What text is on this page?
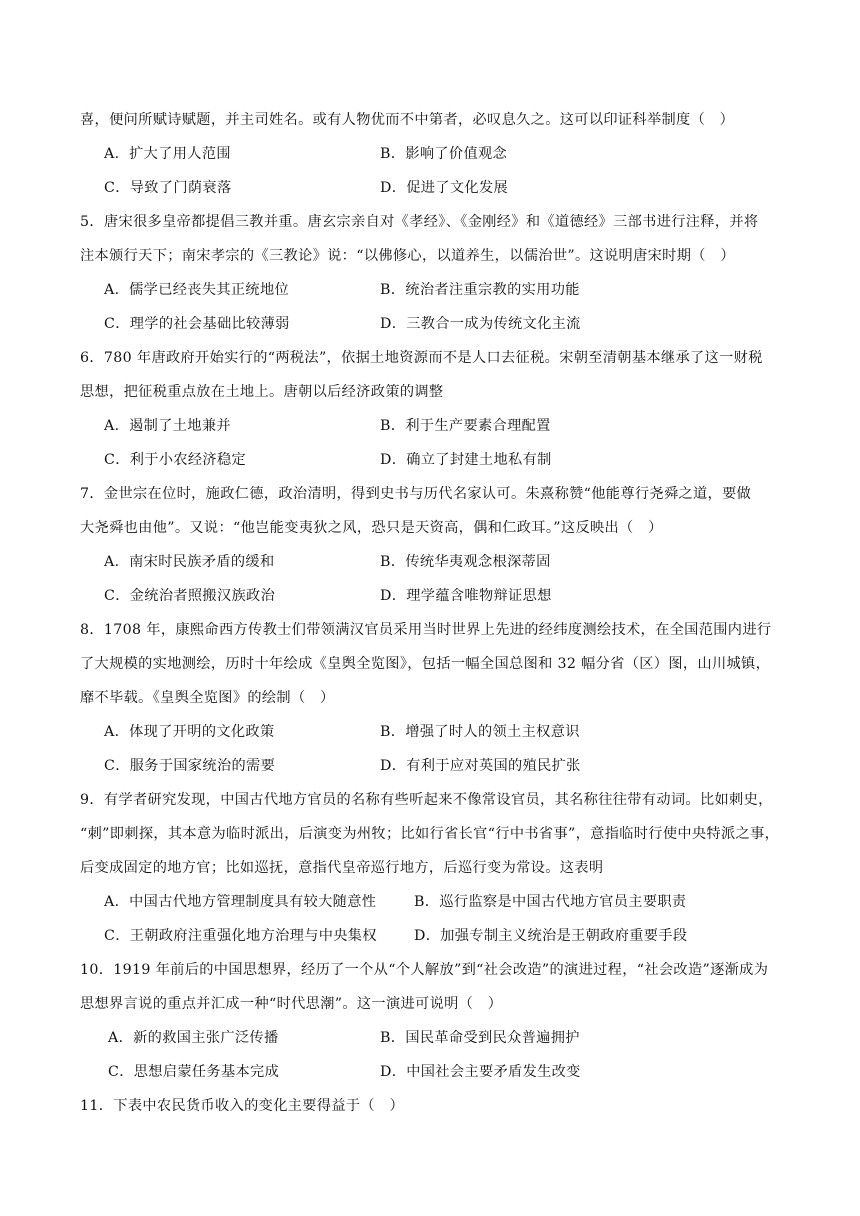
喜，便问所赋诗赋题，并主司姓名。或有人物优而不中第者，必叹息久之。这可以印证科举制度（　）
A．扩大了用人范围	B．影响了价值观念
C．导致了门荫衰落	D．促进了文化发展
5．唐宋很多皇帝都提倡三教并重。唐玄宗亲自对《孝经》、《金刚经》和《道德经》三部书进行注释，并将
注本颁行天下；南宋孝宗的《三教论》说：“以佛修心，以道养生，以儒治世”。这说明唐宋时期（　）
A．儒学已经丧失其正统地位	B．统治者注重宗教的实用功能
C．理学的社会基础比较薄弱	D．三教合一成为传统文化主流
6．780 年唐政府开始实行的“两税法”，依据土地资源而不是人口去征税。宋朝至清朝基本继承了这一财税
思想，把征税重点放在土地上。唐朝以后经济政策的调整
A．遏制了土地兼并	B．利于生产要素合理配置
C．利于小农经济稳定	D．确立了封建土地私有制
7．金世宗在位时，施政仁德，政治清明，得到史书与历代名家认可。朱熹称赞“他能尊行尧舜之道，要做
大尧舜也由他”。又说：“他岂能变夷狄之风，恐只是天资高，偶和仁政耳。”这反映出（　）
A．南宋时民族矛盾的缓和	B．传统华夷观念根深蒂固
C．金统治者照搬汉族政治	D．理学蕴含唯物辩证思想
8．1708 年，康熙命西方传教士们带领满汉官员采用当时世界上先进的经纬度测绘技术，在全国范围内进行
了大规模的实地测绘，历时十年绘成《皇舆全览图》，包括一幅全国总图和 32 幅分省（区）图，山川城镇，
靡不毕载。《皇舆全览图》的绘制（　）
A．体现了开明的文化政策	B．增强了时人的领土主权意识
C．服务于国家统治的需要	D．有利于应对英国的殖民扩张
9．有学者研究发现，中国古代地方官员的名称有些听起来不像常设官员，其名称往往带有动词。比如刺史，
“刺”即刺探，其本意为临时派出，后演变为州牧；比如行省长官“行中书省事”，意指临时行使中央特派之事，
后变成固定的地方官；比如巡抚，意指代皇帝巡行地方，后巡行变为常设。这表明
A．中国古代地方管理制度具有较大随意性	B．巡行监察是中国古代地方官员主要职责
C．王朝政府注重强化地方治理与中央集权	D．加强专制主义统治是王朝政府重要手段
10．1919 年前后的中国思想界，经历了一个从“个人解放”到“社会改造”的演进过程，“社会改造”逐渐成为
思想界言说的重点并汇成一种“时代思潮”。这一演进可说明（　）
A．新的救国主张广泛传播	B．国民革命受到民众普遍拥护
C．思想启蒙任务基本完成	D．中国社会主要矛盾发生改变
11．下表中农民货币收入的变化主要得益于（　）
